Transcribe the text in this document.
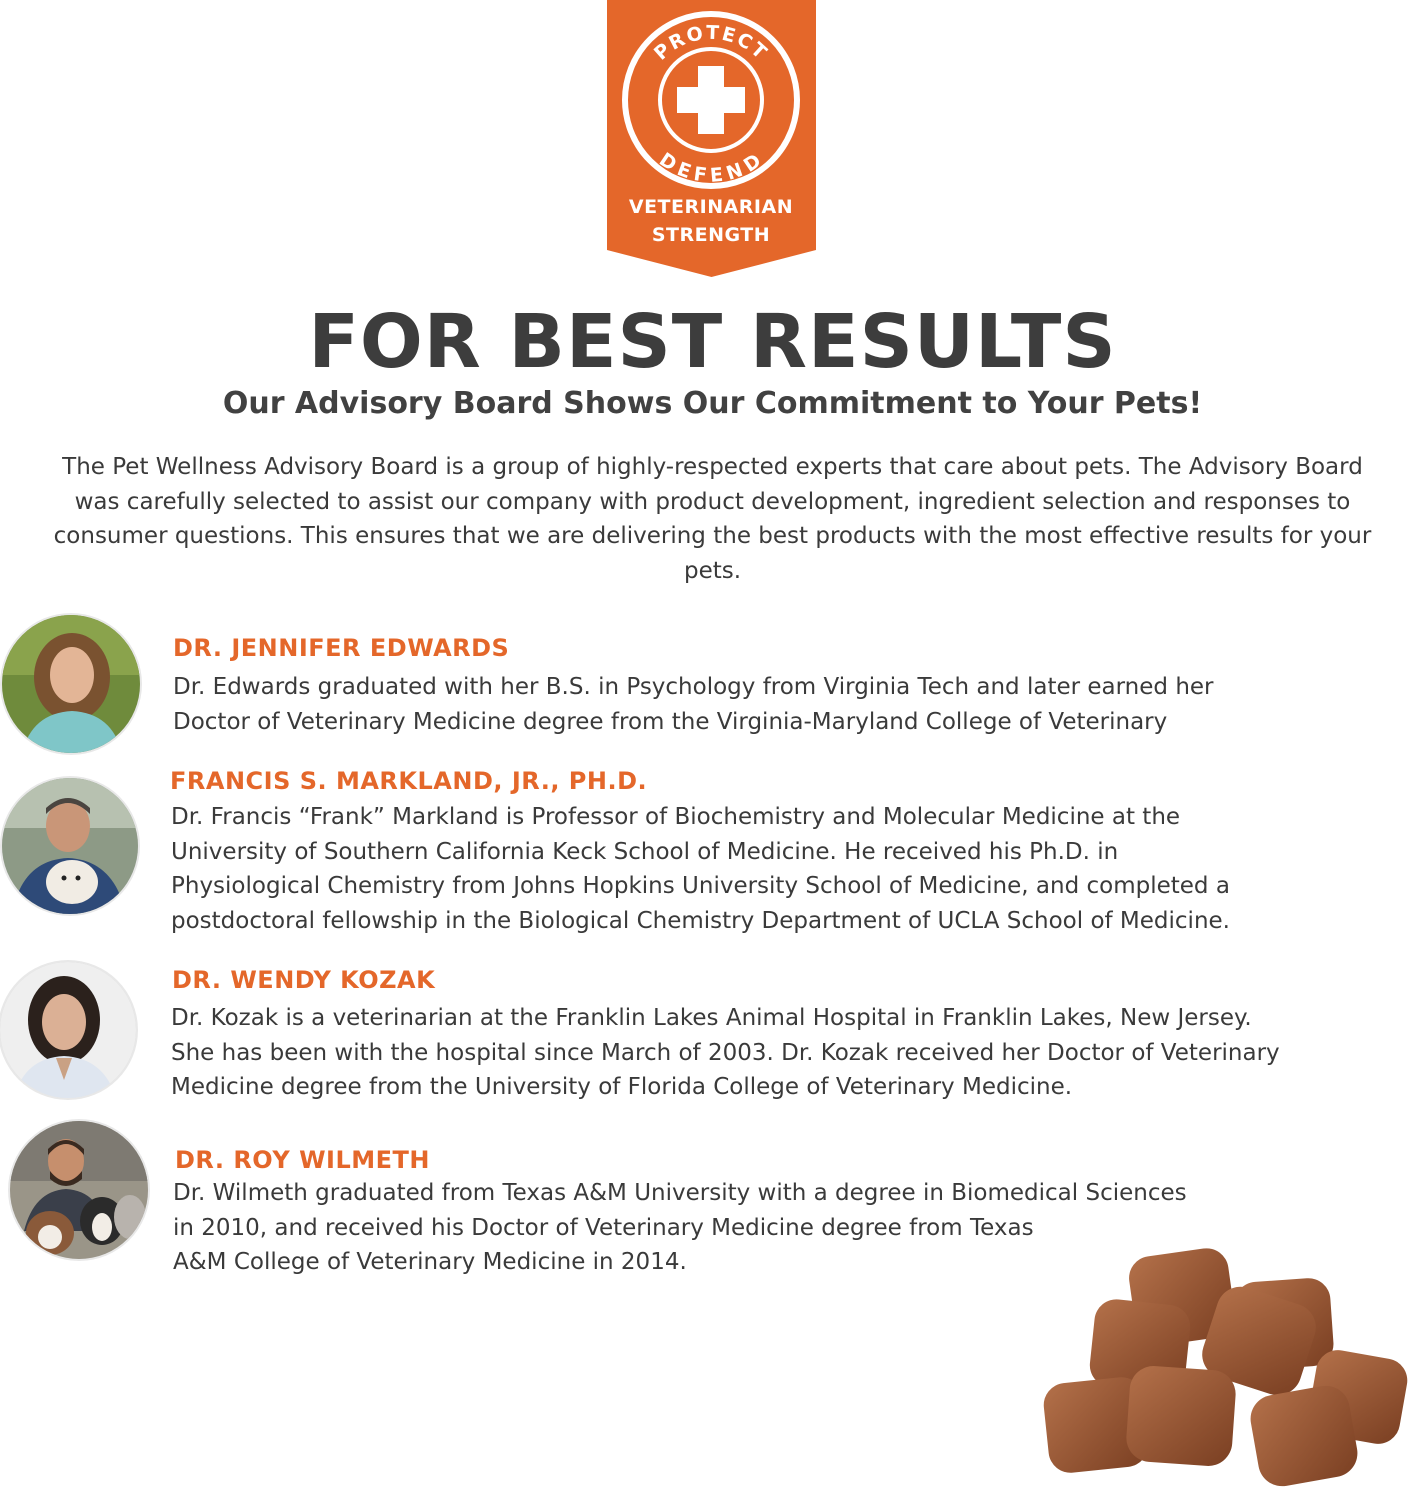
PROTECT
DEFEND
VETERINARIAN
STRENGTH
FOR BEST RESULTS
Our Advisory Board Shows Our Commitment to Your Pets!
The Pet Wellness Advisory Board is a group of highly-respected experts that care about pets. The Advisory Board was carefully selected to assist our company with product development, ingredient selection and responses to consumer questions. This ensures that we are delivering the best products with the most effective results for your pets.
DR. JENNIFER EDWARDS
Dr. Edwards graduated with her B.S. in Psychology from Virginia Tech and later earned her
Doctor of Veterinary Medicine degree from the Virginia-Maryland College of Veterinary
FRANCIS S. MARKLAND, JR., PH.D.
Dr. Francis “Frank” Markland is Professor of Biochemistry and Molecular Medicine at the
University of Southern California Keck School of Medicine. He received his Ph.D. in
Physiological Chemistry from Johns Hopkins University School of Medicine, and completed a
postdoctoral fellowship in the Biological Chemistry Department of UCLA School of Medicine.
DR. WENDY KOZAK
Dr. Kozak is a veterinarian at the Franklin Lakes Animal Hospital in Franklin Lakes, New Jersey.
She has been with the hospital since March of 2003. Dr. Kozak received her Doctor of Veterinary
Medicine degree from the University of Florida College of Veterinary Medicine.
DR. ROY WILMETH
Dr. Wilmeth graduated from Texas A&M University with a degree in Biomedical Sciences
in 2010, and received his Doctor of Veterinary Medicine degree from Texas
A&M College of Veterinary Medicine in 2014.
